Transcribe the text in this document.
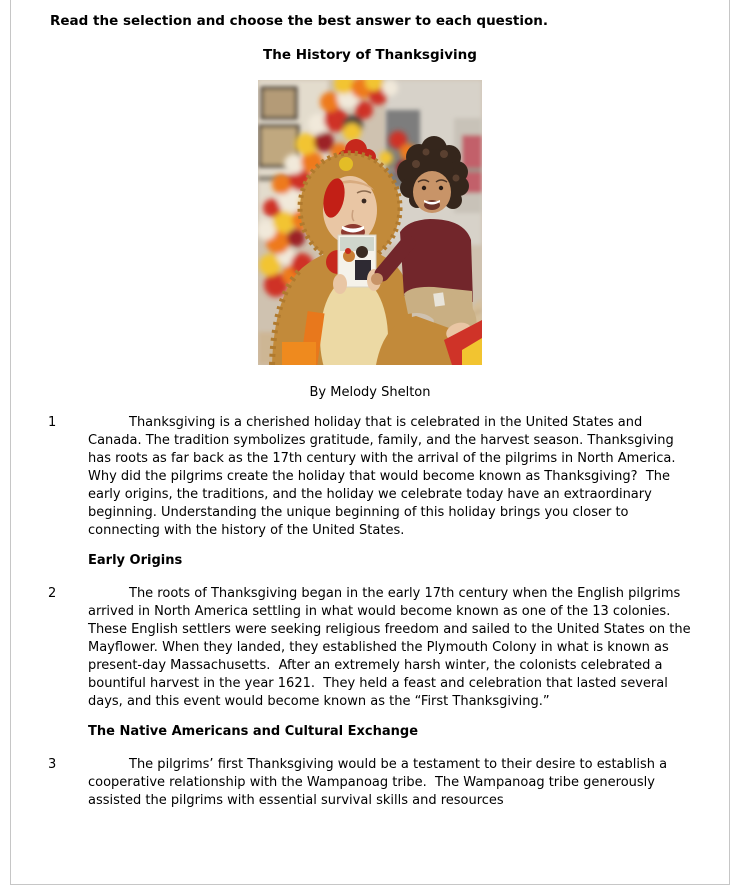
Read the selection and choose the best answer to each question.
The History of Thanksgiving
By Melody Shelton
1	Thanksgiving is a cherished holiday that is celebrated in the United States and Canada. The tradition symbolizes gratitude, family, and the harvest season. Thanksgiving has roots as far back as the 17th century with the arrival of the pilgrims in North America.  Why did the pilgrims create the holiday that would become known as Thanksgiving?  The early origins, the traditions, and the holiday we celebrate today have an extraordinary beginning. Understanding the unique beginning of this holiday brings you closer to connecting with the history of the United States.
Early Origins
2	The roots of Thanksgiving began in the early 17th century when the English pilgrims arrived in North America settling in what would become known as one of the 13 colonies.  These English settlers were seeking religious freedom and sailed to the United States on the Mayflower. When they landed, they established the Plymouth Colony in what is known as present-day Massachusetts.  After an extremely harsh winter, the colonists celebrated a bountiful harvest in the year 1621.  They held a feast and celebration that lasted several days, and this event would become known as the “First Thanksgiving.”
The Native Americans and Cultural Exchange
3	The pilgrims’ first Thanksgiving would be a testament to their desire to establish a cooperative relationship with the Wampanoag tribe.  The Wampanoag tribe generously assisted the pilgrims with essential survival skills and resources
